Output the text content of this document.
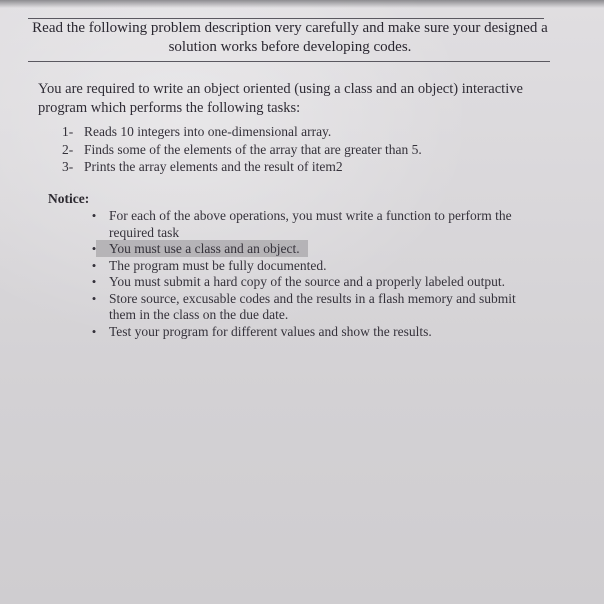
Read the following problem description very carefully and make sure your designed a
solution works before developing codes.
You are required to write an object oriented (using a class and an object) interactive
program which performs the following tasks:
1- Reads 10 integers into one-dimensional array.
2- Finds some of the elements of the array that are greater than 5.
3- Prints the array elements and the result of item2
Notice:
• For each of the above operations, you must write a function to perform the
required task
• You must use a class and an object.
• The program must be fully documented.
• You must submit a hard copy of the source and a properly labeled output.
• Store source, excusable codes and the results in a flash memory and submit
them in the class on the due date.
• Test your program for different values and show the results.
